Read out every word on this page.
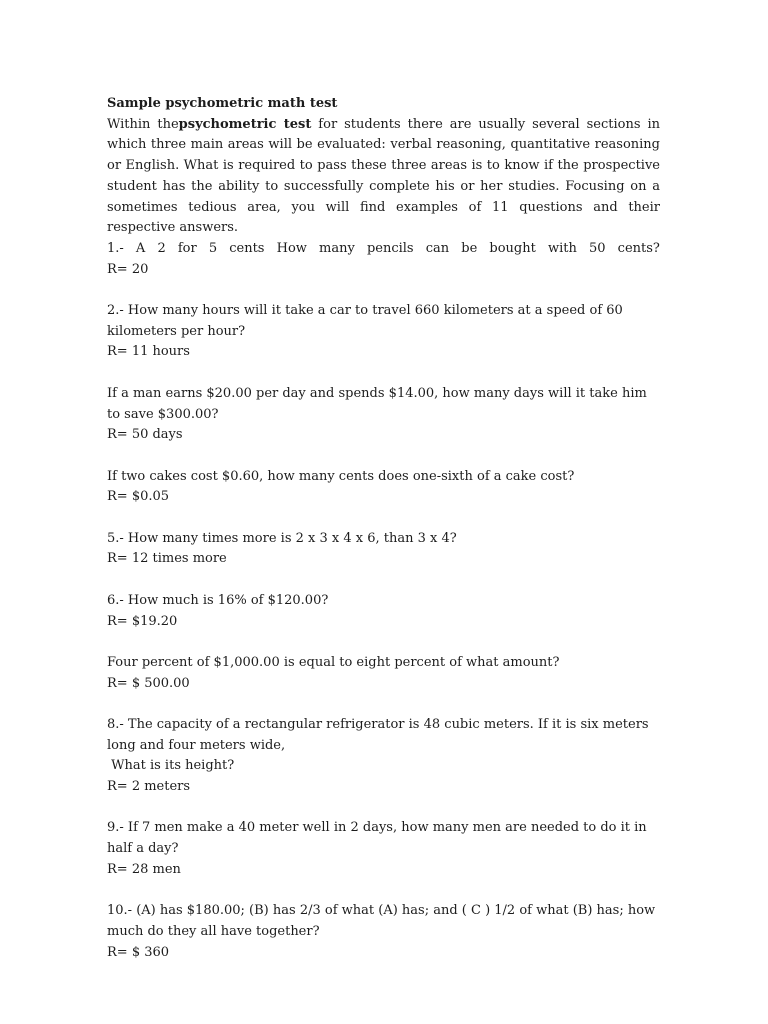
Sample psychometric math test

Within thepsychometric test for students there are usually several sections in which three main areas will be evaluated: verbal reasoning, quantitative reasoning or English. What is required to pass these three areas is to know if the prospective student has the ability to successfully complete his or her studies. Focusing on a sometimes tedious area, you will find examples of 11 questions and their respective answers.

1.- A 2 for 5 cents How many pencils can be bought with 50 cents?

R= 20

2.- How many hours will it take a car to travel 660 kilometers at a speed of 60 kilometers per hour?

R= 11 hours

If a man earns $20.00 per day and spends $14.00, how many days will it take him to save $300.00?

R= 50 days

If two cakes cost $0.60, how many cents does one-sixth of a cake cost?

R= $0.05

5.- How many times more is 2 x 3 x 4 x 6, than 3 x 4?

R= 12 times more

6.- How much is 16% of $120.00?

R= $19.20

Four percent of $1,000.00 is equal to eight percent of what amount?

R= $ 500.00

8.- The capacity of a rectangular refrigerator is 48 cubic meters. If it is six meters long and four meters wide,

What is its height?

R= 2 meters

9.- If 7 men make a 40 meter well in 2 days, how many men are needed to do it in half a day?

R= 28 men

10.- (A) has $180.00; (B) has 2/3 of what (A) has; and ( C ) 1/2 of what (B) has; how much do they all have together?

R= $ 360
